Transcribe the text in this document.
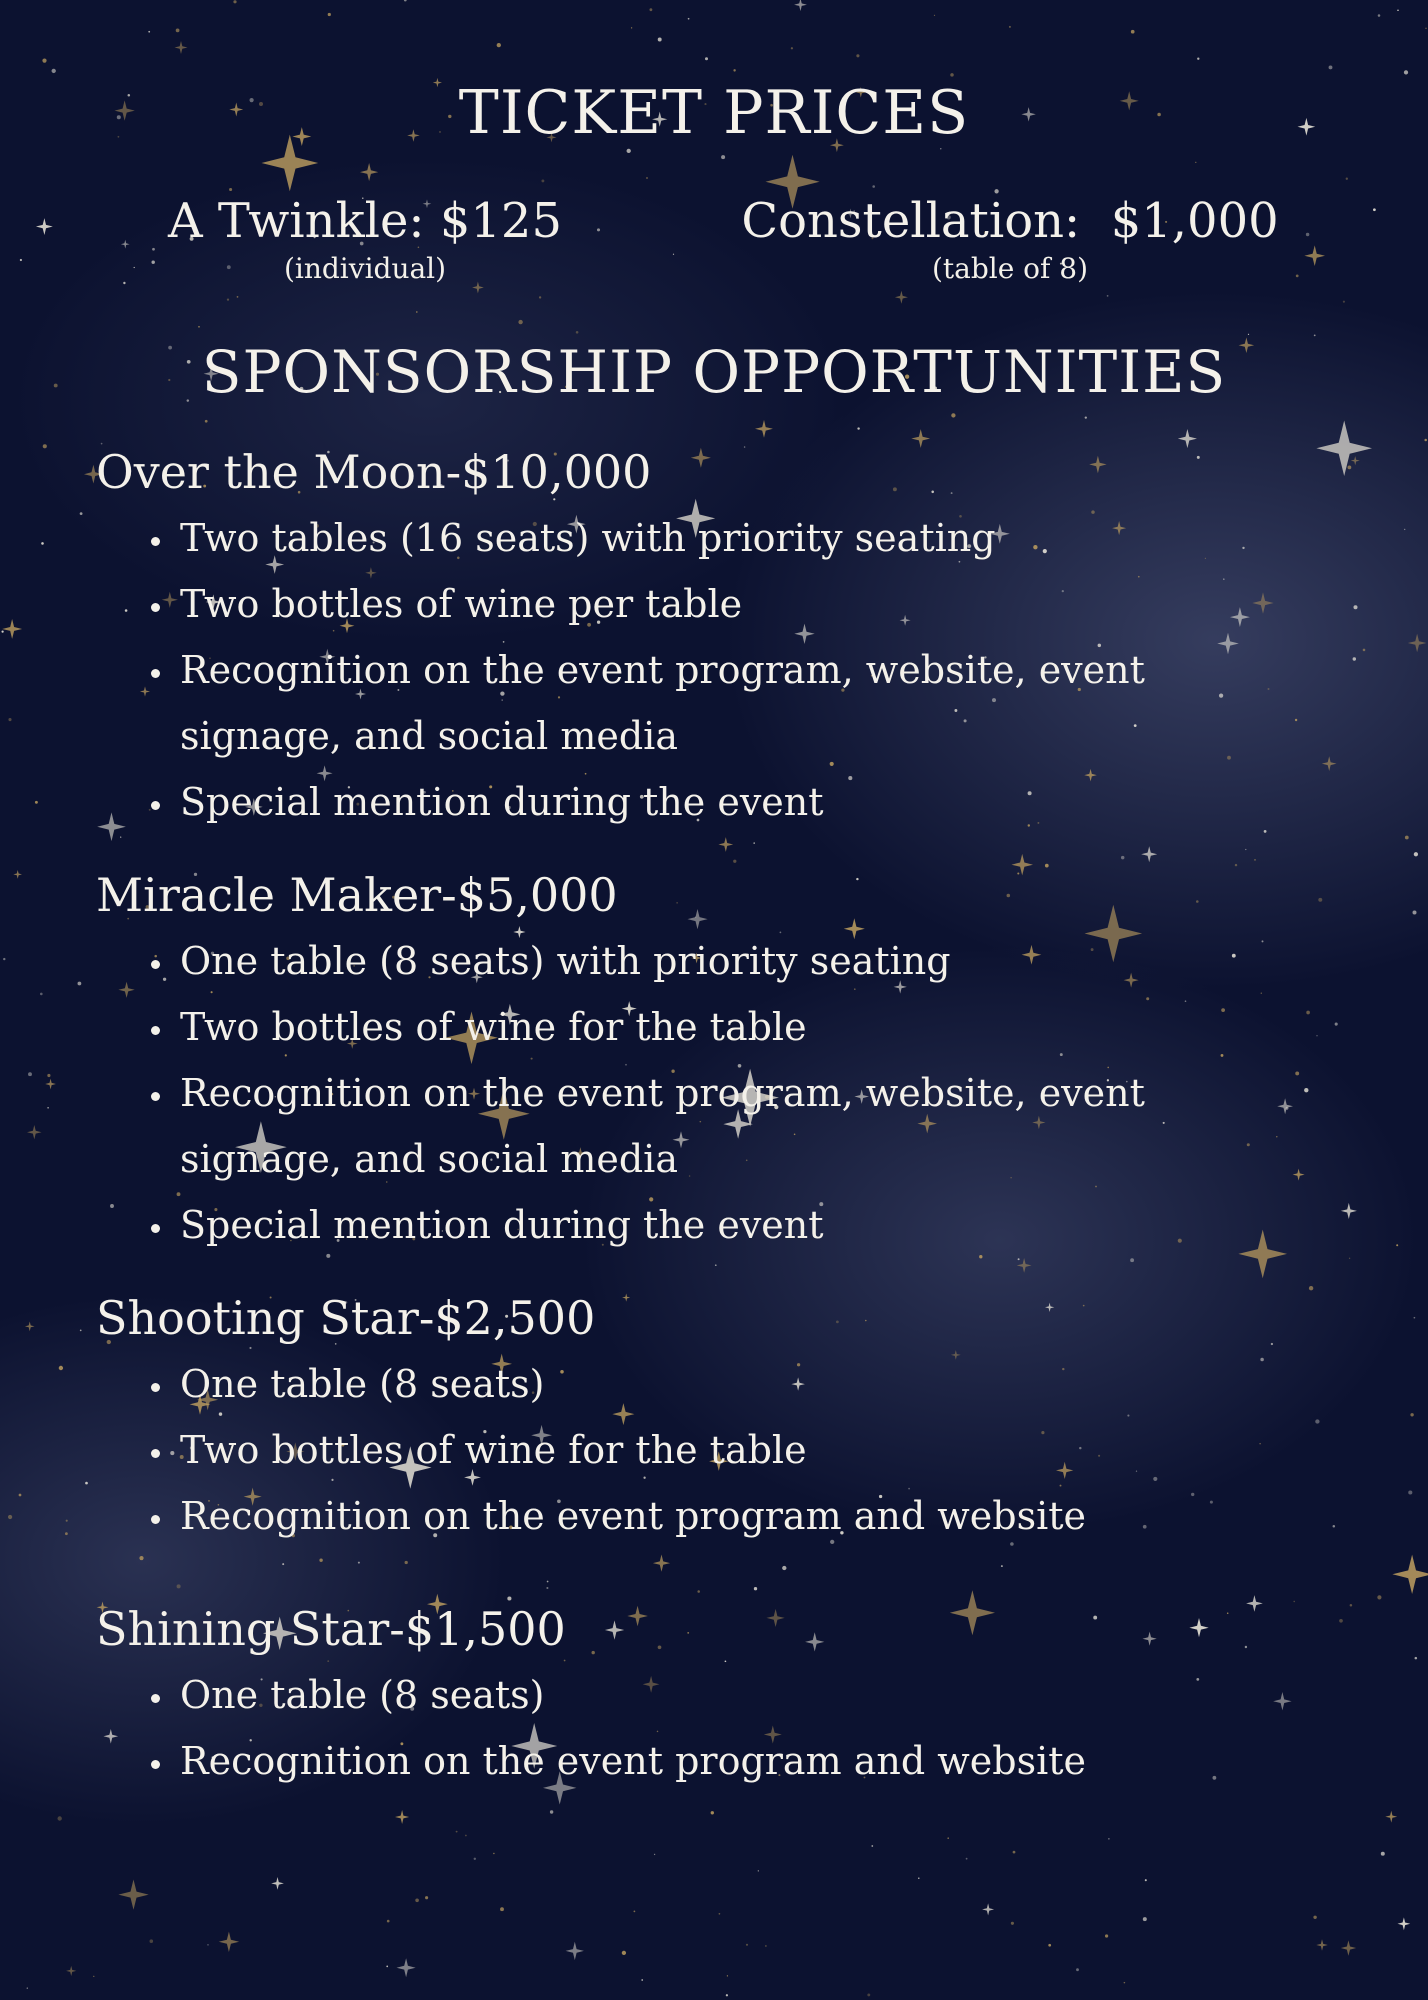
TICKET PRICES
A Twinkle: $125
(individual)
Constellation:  $1,000
(table of 8)
SPONSORSHIP OPPORTUNITIES
Over the Moon-$10,000
• Two tables (16 seats) with priority seating
• Two bottles of wine per table
• Recognition on the event program, website, event signage, and social media
• Special mention during the event
Miracle Maker-$5,000
• One table (8 seats) with priority seating
• Two bottles of wine for the table
• Recognition on the event program, website, event signage, and social media
• Special mention during the event
Shooting Star-$2,500
• One table (8 seats)
• Two bottles of wine for the table
• Recognition on the event program and website
Shining Star-$1,500
• One table (8 seats)
• Recognition on the event program and website
